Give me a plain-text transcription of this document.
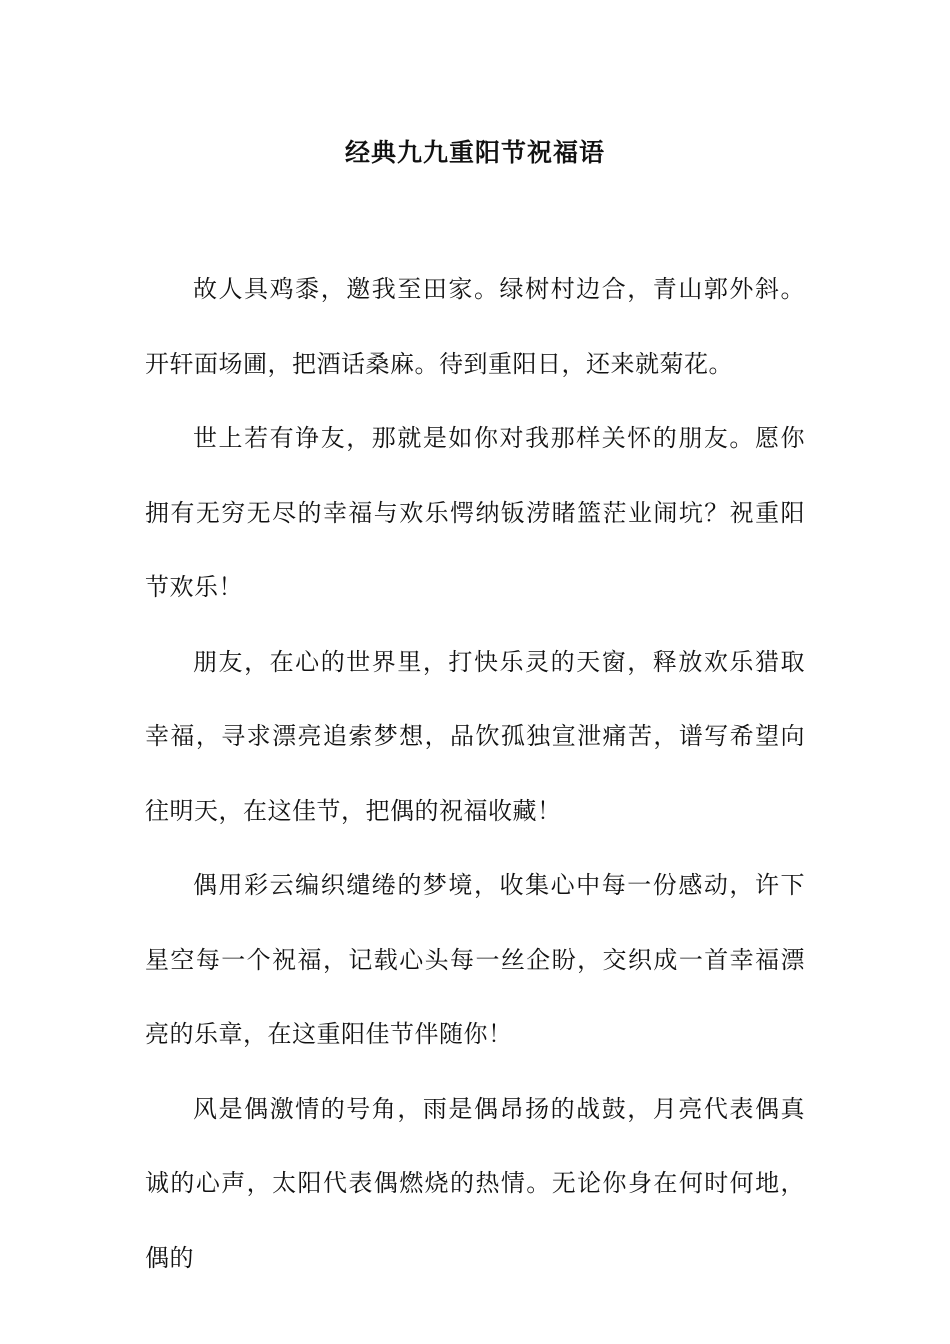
经典九九重阳节祝福语

故人具鸡黍，邀我至田家。绿树村边合，青山郭外斜。开轩面场圃，把酒话桑麻。待到重阳日，还来就菊花。

世上若有诤友，那就是如你对我那样关怀的朋友。愿你拥有无穷无尽的幸福与欢乐愕纳钣涝睹篮茫业闹坑？祝重阳节欢乐！

朋友，在心的世界里，打快乐灵的天窗，释放欢乐猎取幸福，寻求漂亮追索梦想，品饮孤独宣泄痛苦，谱写希望向往明天，在这佳节，把偶的祝福收藏！

偶用彩云编织缱绻的梦境，收集心中每一份感动，许下星空每一个祝福，记载心头每一丝企盼，交织成一首幸福漂亮的乐章，在这重阳佳节伴随你！

风是偶激情的号角，雨是偶昂扬的战鼓，月亮代表偶真诚的心声，太阳代表偶燃烧的热情。无论你身在何时何地，偶的
